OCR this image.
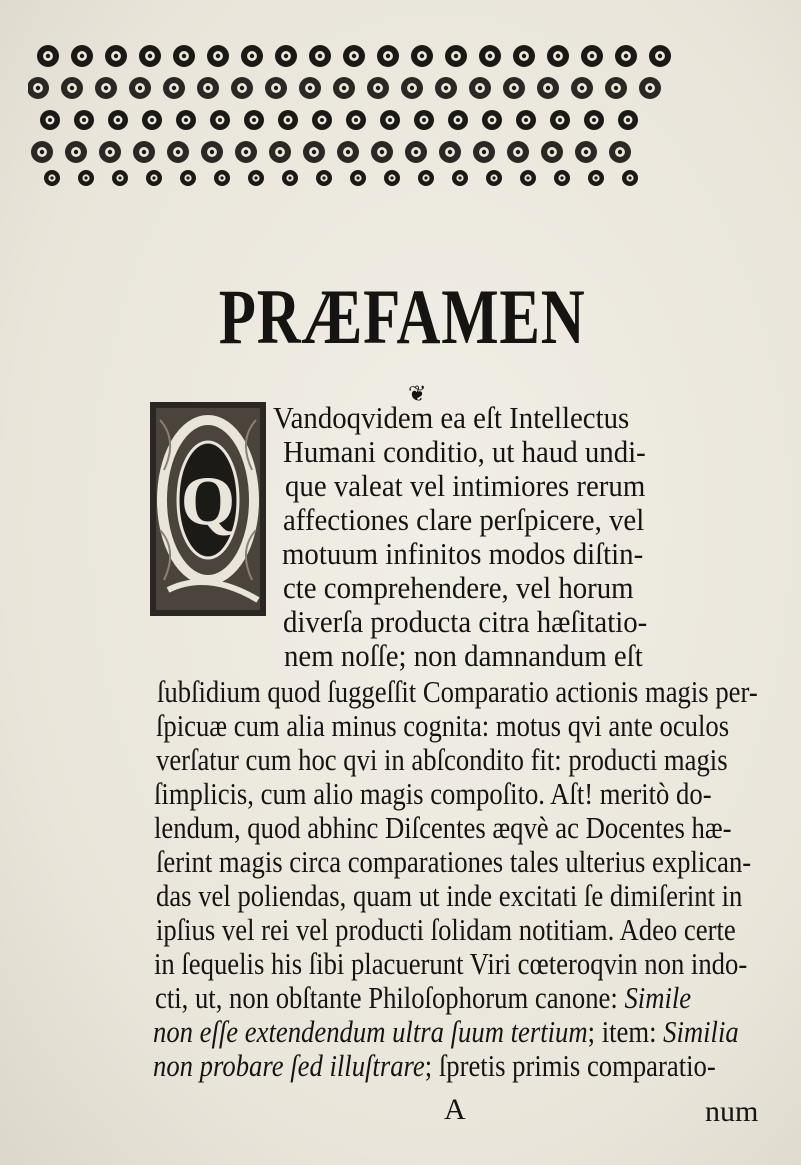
PRÆFAMEN
❦
Q
Vandoqvidem ea eſt Intellectus
Humani conditio, ut haud undi-
que valeat vel intimiores rerum
affectiones clare perſpicere, vel
motuum infinitos modos diſtin-
cte comprehendere, vel horum
diverſa producta citra hæſitatio-
nem noſſe; non damnandum eſt
ſubſidium quod ſuggeſſit Comparatio actionis magis per-
ſpicuæ cum alia minus cognita: motus qvi ante oculos
verſatur cum hoc qvi in abſcondito fit: producti magis
ſimplicis, cum alio magis compoſito. Aſt! meritò do-
lendum, quod abhinc Diſcentes æqvè ac Docentes hæ-
ſerint magis circa comparationes tales ulterius explican-
das vel poliendas, quam ut inde excitati ſe dimiſerint in
ipſius vel rei vel producti ſolidam notitiam. Adeo certe
in ſequelis his ſibi placuerunt Viri cœteroqvin non indo-
cti, ut, non obſtante Philoſophorum canone: Simile
non eſſe extendendum ultra ſuum tertium; item: Similia
non probare ſed illuſtrare; ſpretis primis comparatio-
A	num
